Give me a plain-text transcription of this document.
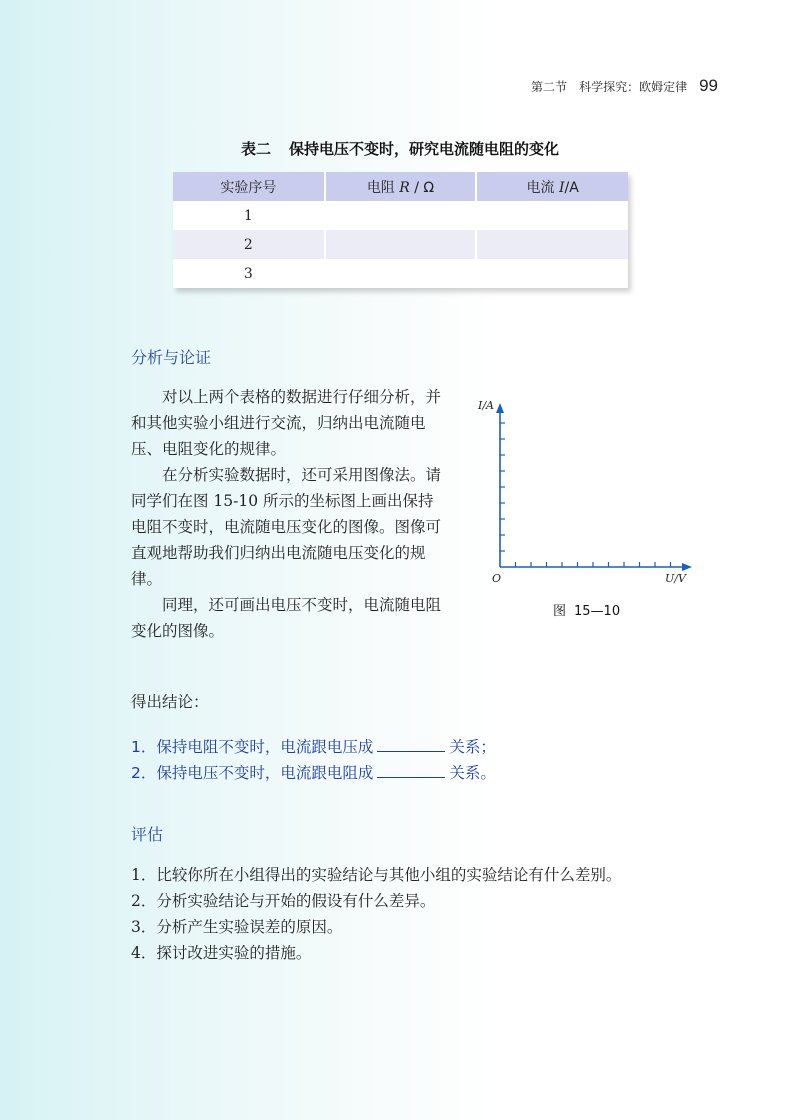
第二节 科学探究：欧姆定律 99
表二 保持电压不变时，研究电流随电阻的变化
实验序号	电阻 R / Ω	电流 I/A
1		
2		
3		
分析与论证

对以上两个表格的数据进行仔细分析，并和其他实验小组进行交流，归纳出电流随电压、电阻变化的规律。

在分析实验数据时，还可采用图像法。请同学们在图 15-10 所示的坐标图上画出保持电阻不变时，电流随电压变化的图像。图像可直观地帮助我们归纳出电流随电压变化的规律。

同理，还可画出电压不变时，电流随电阻变化的图像。

I/A
O	U/V
图 15—10
得出结论：
1．保持电阻不变时，电流跟电压成	关系；
2．保持电压不变时，电流跟电阻成	关系。
评估
1．比较你所在小组得出的实验结论与其他小组的实验结论有什么差别。
2．分析实验结论与开始的假设有什么差异。
3．分析产生实验误差的原因。
4．探讨改进实验的措施。
